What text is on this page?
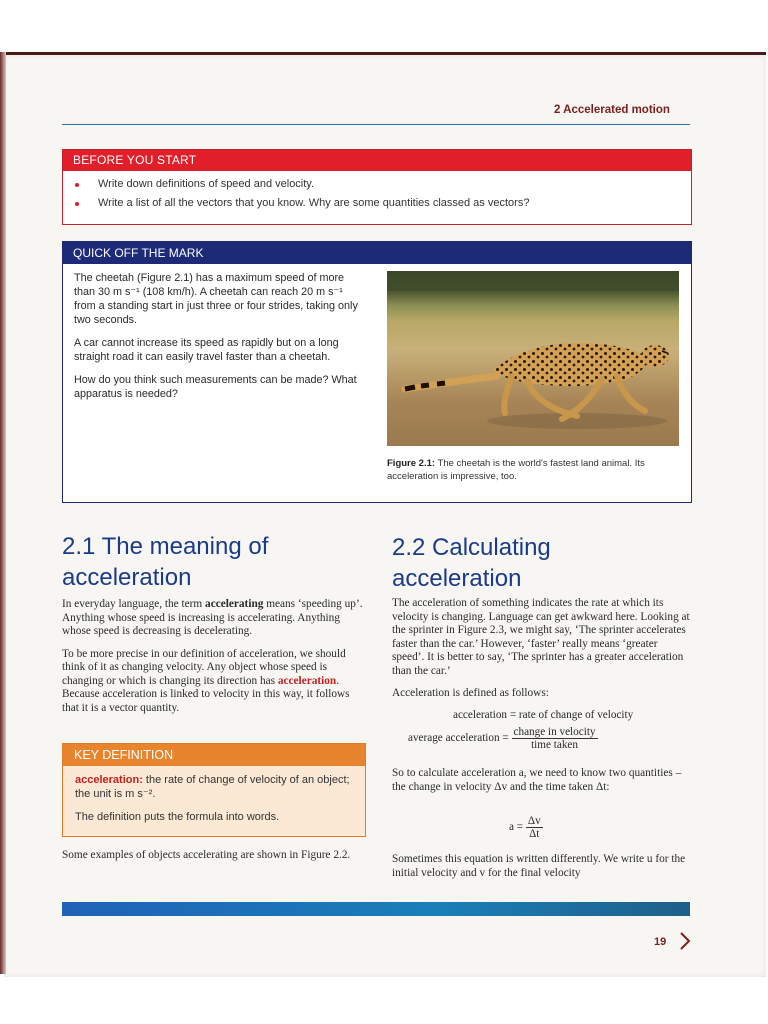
2 Accelerated motion
BEFORE YOU START
Write down definitions of speed and velocity.
Write a list of all the vectors that you know. Why are some quantities classed as vectors?
QUICK OFF THE MARK

The cheetah (Figure 2.1) has a maximum speed of more than 30 m s⁻¹ (108 km/h). A cheetah can reach 20 m s⁻¹ from a standing start in just three or four strides, taking only two seconds.

A car cannot increase its speed as rapidly but on a long straight road it can easily travel faster than a cheetah.

How do you think such measurements can be made? What apparatus is needed?

Figure 2.1: The cheetah is the world's fastest land animal. Its acceleration is impressive, too.
2.1 The meaning of
acceleration

In everyday language, the term accelerating means ‘speeding up’. Anything whose speed is increasing is accelerating. Anything whose speed is decreasing is decelerating.

To be more precise in our definition of acceleration, we should think of it as changing velocity. Any object whose speed is changing or which is changing its direction has acceleration. Because acceleration is linked to velocity in this way, it follows that it is a vector quantity.

KEY DEFINITION

acceleration: the rate of change of velocity of an object; the unit is m s⁻².

The definition puts the formula into words.

Some examples of objects accelerating are shown in Figure 2.2.

2.2 Calculating
acceleration

The acceleration of something indicates the rate at which its velocity is changing. Language can get awkward here. Looking at the sprinter in Figure 2.3, we might say, ‘The sprinter accelerates faster than the car.’ However, ‘faster’ really means ‘greater speed’. It is better to say, ‘The sprinter has a greater acceleration than the car.’

Acceleration is defined as follows:

acceleration = rate of change of velocity
average acceleration = $\frac{\text{change in velocity}}{\text{time taken}}$

So to calculate acceleration a, we need to know two quantities – the change in velocity Δv and the time taken Δt:

$a = \frac{\Delta v}{\Delta t}$

Sometimes this equation is written differently. We write u for the initial velocity and v for the final velocity

19
